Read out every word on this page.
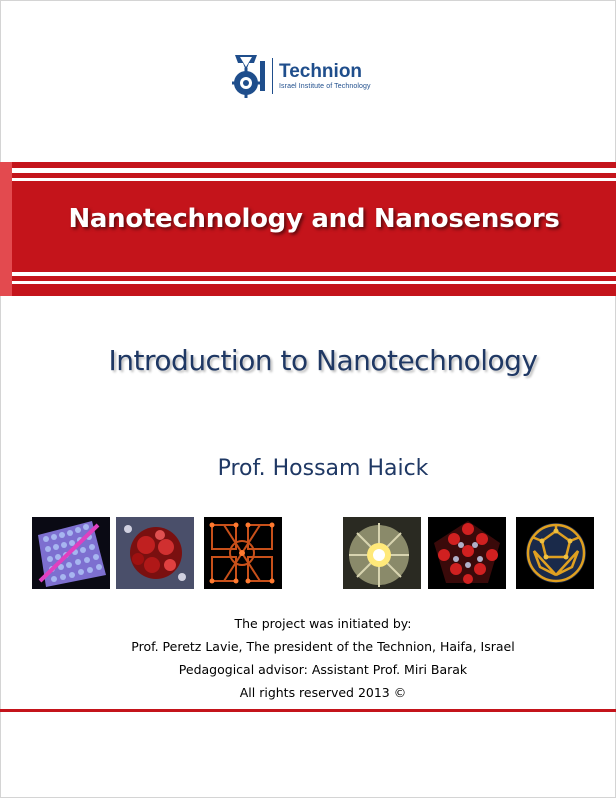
Technion
Israel Institute of Technology
Nanotechnology and Nanosensors
Introduction to Nanotechnology
Prof. Hossam Haick
The project was initiated by:
Prof. Peretz Lavie, The president of the Technion, Haifa, Israel
Pedagogical advisor: Assistant Prof. Miri Barak
All rights reserved 2013 ©
